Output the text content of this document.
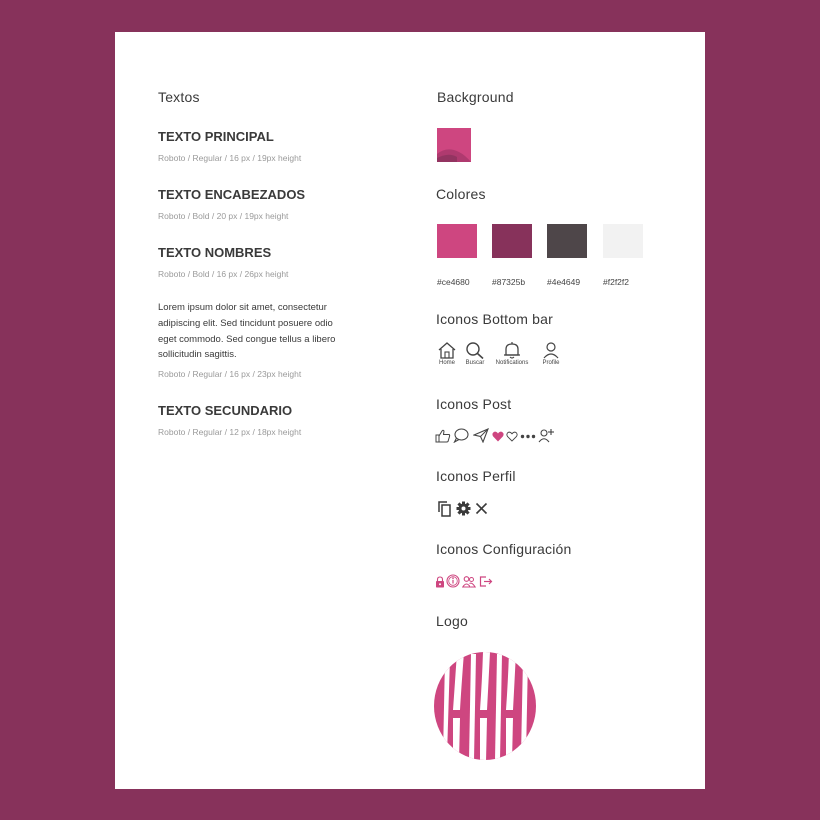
Textos
TEXTO PRINCIPAL
Roboto / Regular / 16 px / 19px height
TEXTO ENCABEZADOS
Roboto / Bold / 20 px / 19px height
TEXTO NOMBRES
Roboto / Bold / 16 px / 26px height
Lorem ipsum dolor sit amet, consectetur
adipiscing elit. Sed tincidunt posuere odio
eget commodo. Sed congue tellus a libero
sollicitudin sagittis.
Roboto / Regular / 16 px / 23px height
TEXTO SECUNDARIO
Roboto / Regular / 12 px / 18px height
Background
Colores
#ce4680	#87325b	#4e4649	#f2f2f2
Iconos Bottom bar
Home	Buscar	Notifications	Profile
Iconos Post
Iconos Perfil
Iconos Configuración
Logo
